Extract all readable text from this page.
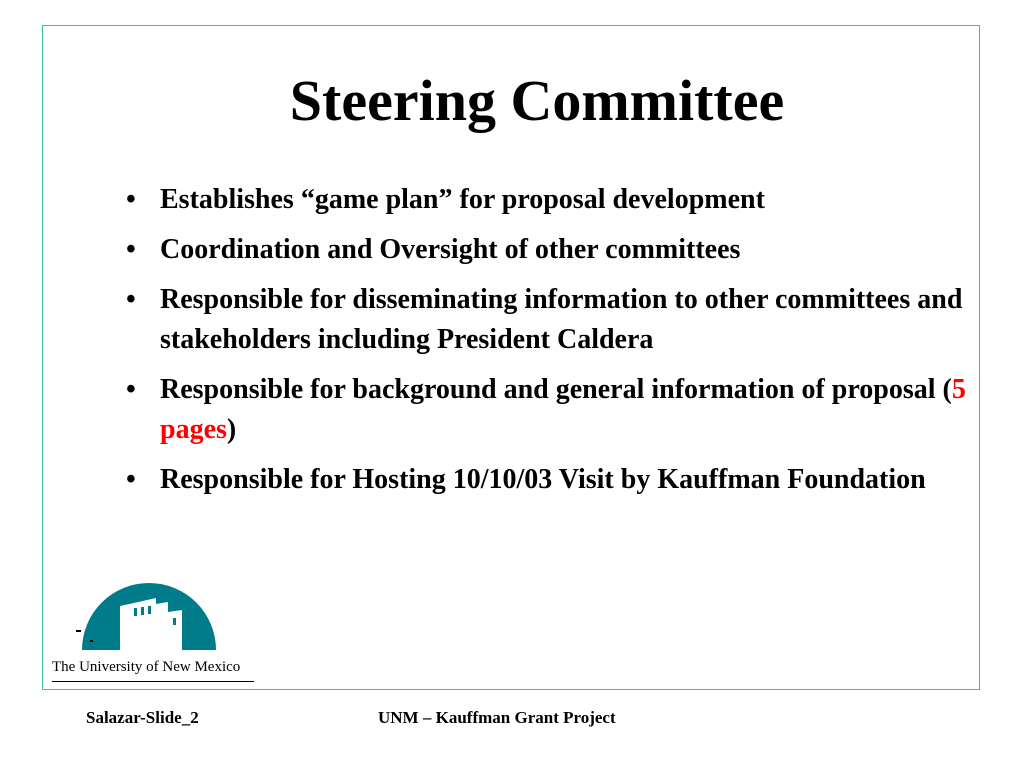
Steering Committee
• Establishes “game plan” for proposal development
• Coordination and Oversight of other committees
• Responsible for disseminating information to other committees and stakeholders including President Caldera
• Responsible for background and general information of proposal (5 pages)
• Responsible for Hosting 10/10/03 Visit by Kauffman Foundation
The University of New Mexico
Salazar-Slide_2	UNM – Kauffman Grant Project
